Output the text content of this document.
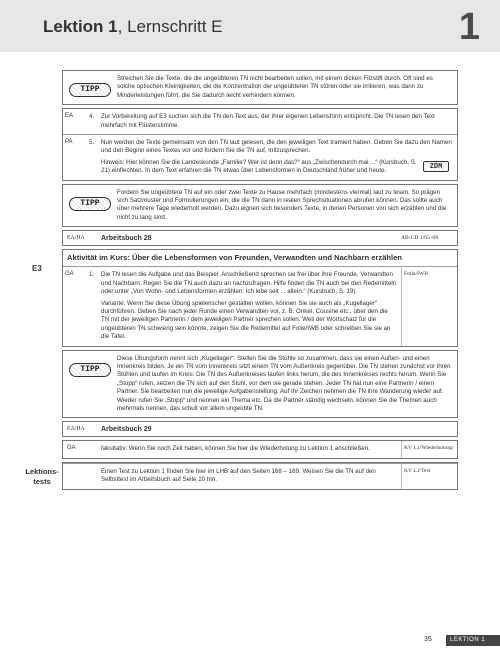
Lektion 1, Lernschritt E	1
TIPP
Streichen Sie die Texte, die die ungeübteren TN nicht bearbeiten sollen, mit einem dicken Filzstift durch. Oft sind es solche optischen Kleinigkeiten, die die Konzentration der ungeübteren TN stören oder sie irritieren, was dann zu Minderleistungen führt, die Sie dadurch leicht verhindern können.
EA	4.	Zur Vorbereitung auf E3 suchen sich die TN den Text aus, der ihrer eigenen Lebensform entspricht. Die TN lesen den Text mehrfach mit Flüsterstimme.
PA	5.	Nun werden die Texte gemeinsam von den TN laut gelesen, die den jeweiligen Text tramiert haben. Geben Sie dazu den Namen und den Beginn eines Textes vor und fordern Sie die TN auf, mitzusprechen.
ZDM
Hinweis: Hier können Sie die Landeskunde „Familie? Wer ist denn das?“ aus „Zwischendurch mal ...“ (Kursbuch, S. 21) einflechten. In dem Text erfahren die TN etwas über Lebensformen in Deutschland früher und heute.
TIPP
Fordern Sie ungeübtere TN auf ein oder zwei Texte zu Hause mehrfach (mindestens viermal) laut zu lesen. So prägen sich Satzmuster und Formulierungen ein, die die TN dann in realen Sprechsituationen abrufen können. Das sollte auch über mehrere Tage wiederholt werden. Dazu eignen sich besonders Texte, in denen Personen von sich erzählen und die nicht zu lang sind.
EA/HA	Arbeitsbuch 28	AB-CD 1/05–08
E3
Aktivität im Kurs: Über die Lebensformen von Freunden, Verwandten und Nachbarn erzählen
GA	1.	Die TN lesen die Aufgabe und das Beispiel. Anschließend sprechen sie frei über ihre Freunde, Verwandten und Nachbarn. Regen Sie die TN auch dazu an nachzufragen. Hilfe finden die TN auch bei den Redemitteln oder unter „Von Wohn- und Lebensformen erzählen: Ich lebe seit ... allein.“ (Kursbuch, S. 19).
Variante: Wenn Sie diese Übung spielerischer gestalten wollen, können Sie sie auch als „Kugellager“ durchführen. Geben Sie nach jeder Runde einen Verwandten vor, z. B. Onkel, Cousine etc., über den die TN mit der jeweiligen Partnerin / dem jeweiligen Partner sprechen sollen. Weil der Wortschatz für die ungeübteren TN schwierig sein könnte, zeigen Sie die Redemittel auf Folie/IWB oder schreiben Sie sie an die Tafel.
Folie/IWB
TIPP
Diese Übungsform nennt sich „Kugellager“: Stellen Sie die Stühle so zusammen, dass sie einen Außen- und einen Innenkreis bilden. Je ein TN vom Innenkreis sitzt einem TN vom Außenkreis gegenüber. Die TN stehen zunächst vor ihren Stühlen und laufen im Kreis: Die TN des Außenkreises laufen links herum, die des Innenkreises rechts herum. Wenn Sie „Stopp“ rufen, setzen die TN sich auf den Stuhl, vor dem sie gerade stehen. Jeder TN hat nun eine Partnerin / einen Partner. Sie bearbeiten nun die jeweilige Aufgabenstellung. Auf Ihr Zeichen nehmen die TN ihre Wanderung wieder auf. Wieder rufen Sie „Stopp“ und nennen ein Thema etc. Da die Partner ständig wechseln, können Sie die Themen auch mehrmals nennen, das schult vor allem ungeübte TN.
EA/HA	Arbeitsbuch 29
GA	fakultativ: Wenn Sie noch Zeit haben, können Sie hier die Wiederholung zu Lektion 1 anschließen.	KV L1/Wiederholung
Lektions-tests
Einen Test zu Lektion 1 finden Sie hier im LHB auf den Seiten 168 – 169. Weisen Sie die TN auf den Selbsttest im Arbeitsbuch auf Seite 20 hin.
KV L1/Test
35	LEKTION 1
